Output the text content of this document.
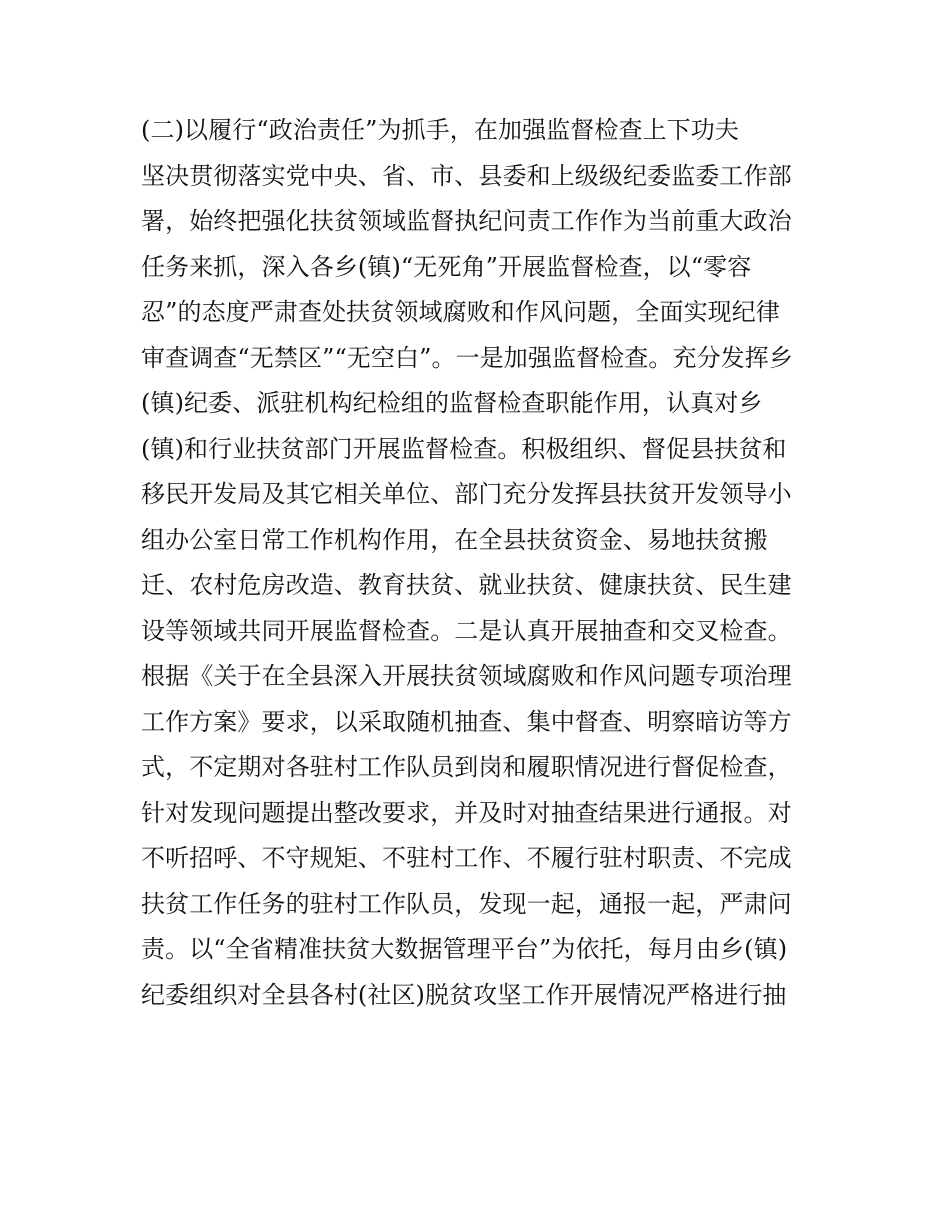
(二)以履行“政治责任”为抓手，在加强监督检查上下功夫
坚决贯彻落实党中央、省、市、县委和上级级纪委监委工作部
署，始终把强化扶贫领域监督执纪问责工作作为当前重大政治
任务来抓，深入各乡(镇)“无死角”开展监督检查，以“零容
忍”的态度严肃查处扶贫领域腐败和作风问题，全面实现纪律
审查调查“无禁区”“无空白”。一是加强监督检查。充分发挥乡
(镇)纪委、派驻机构纪检组的监督检查职能作用，认真对乡
(镇)和行业扶贫部门开展监督检查。积极组织、督促县扶贫和
移民开发局及其它相关单位、部门充分发挥县扶贫开发领导小
组办公室日常工作机构作用，在全县扶贫资金、易地扶贫搬
迁、农村危房改造、教育扶贫、就业扶贫、健康扶贫、民生建
设等领域共同开展监督检查。二是认真开展抽查和交叉检查。
根据《关于在全县深入开展扶贫领域腐败和作风问题专项治理
工作方案》要求，以采取随机抽查、集中督查、明察暗访等方
式，不定期对各驻村工作队员到岗和履职情况进行督促检查，
针对发现问题提出整改要求，并及时对抽查结果进行通报。对
不听招呼、不守规矩、不驻村工作、不履行驻村职责、不完成
扶贫工作任务的驻村工作队员，发现一起，通报一起，严肃问
责。以“全省精准扶贫大数据管理平台”为依托，每月由乡(镇)
纪委组织对全县各村(社区)脱贫攻坚工作开展情况严格进行抽
